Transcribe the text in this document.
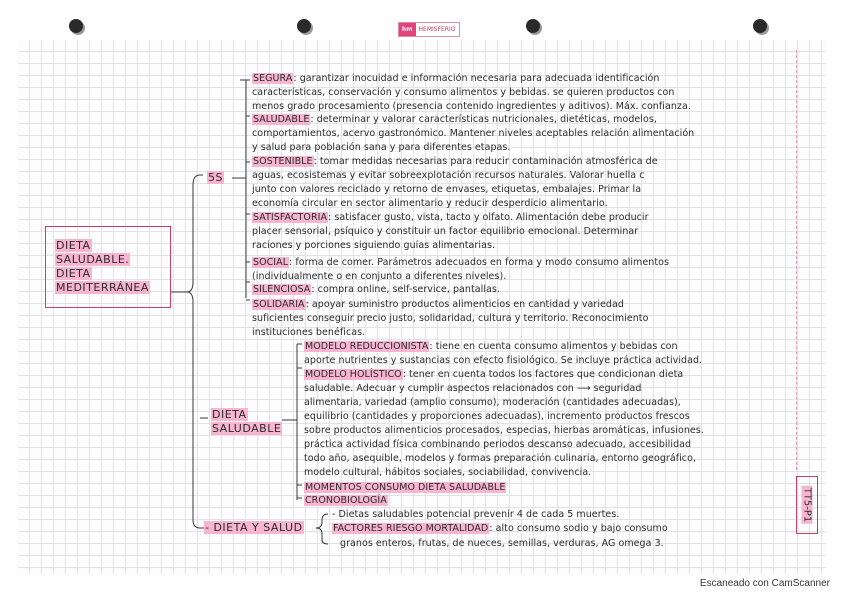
hm	HEMISFERIO
DIETA
SALUDABLE.
DIETA
MEDITERRÁNEA
5S
DIETA
SALUDABLE
- DIETA Y SALUD
SEGURA: garantizar inocuidad e información necesaria para adecuada identificación
características, conservación y consumo alimentos y bebidas. se quieren productos con
menos grado procesamiento (presencia contenido ingredientes y aditivos). Máx. confianza.
SALUDABLE: determinar y valorar características nutricionales, dietéticas, modelos,
comportamientos, acervo gastronómico. Mantener niveles aceptables relación alimentación
y salud para población sana y para diferentes etapas.
SOSTENIBLE: tomar medidas necesarias para reducir contaminación atmosférica de
aguas, ecosistemas y evitar sobreexplotación recursos naturales. Valorar huella c
junto con valores reciclado y retorno de envases, etiquetas, embalajes. Primar la
economía circular en sector alimentario y reducir desperdicio alimentario.
SATISFACTORIA: satisfacer gusto, vista, tacto y olfato. Alimentación debe producir
placer sensorial, psíquico y constituir un factor equilibrio emocional. Determinar
raciones y porciones siguiendo guías alimentarias.
SOCIAL: forma de comer. Parámetros adecuados en forma y modo consumo alimentos
(individualmente o en conjunto a diferentes niveles).
SILENCIOSA: compra online, self-service, pantallas.
SOLIDARIA: apoyar suministro productos alimenticios en cantidad y variedad
suficientes conseguir precio justo, solidaridad, cultura y territorio. Reconocimiento
instituciones benéficas.
MODELO REDUCCIONISTA: tiene en cuenta consumo alimentos y bebidas con
aporte nutrientes y sustancias con efecto fisiológico. Se incluye práctica actividad.
MODELO HOLÍSTICO: tener en cuenta todos los factores que condicionan dieta
saludable. Adecuar y cumplir aspectos relacionados con ⟶ seguridad
alimentaria, variedad (amplio consumo), moderación (cantidades adecuadas),
equilibrio (cantidades y proporciones adecuadas), incremento productos frescos
sobre productos alimenticios procesados, especias, hierbas aromáticas, infusiones.
práctica actividad física combinando periodos descanso adecuado, accesibilidad
todo año, asequible, modelos y formas preparación culinaria, entorno geográfico,
modelo cultural, hábitos sociales, sociabilidad, convivencia.
MOMENTOS CONSUMO DIETA SALUDABLE
CRONOBIOLOGÍA
- Dietas saludables potencial prevenir 4 de cada 5 muertes.
FACTORES RIESGO MORTALIDAD: alto consumo sodio y bajo consumo
granos enteros, frutas, de nueces, semillas, verduras, AG omega 3.
TT5-P1
Escaneado con CamScanner
